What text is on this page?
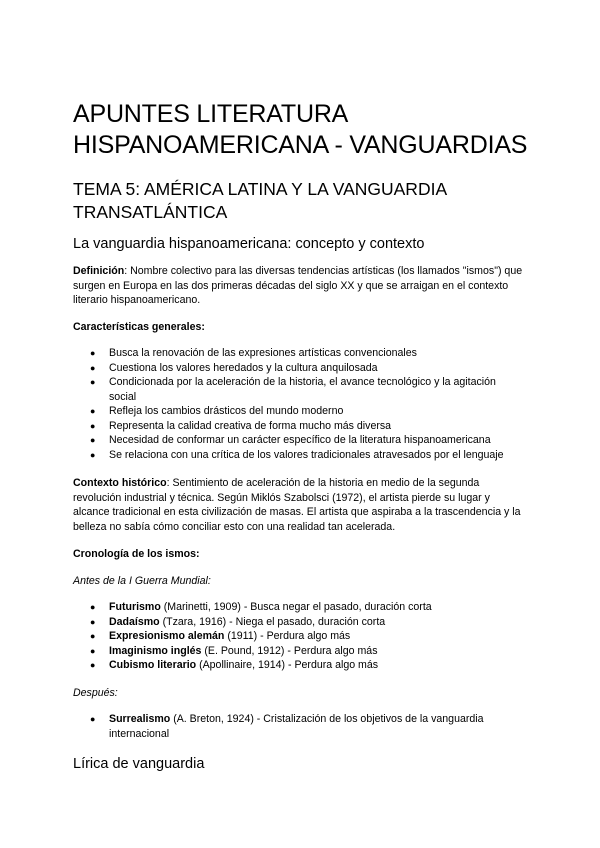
APUNTES LITERATURA
HISPANOAMERICANA - VANGUARDIAS
TEMA 5: AMÉRICA LATINA Y LA VANGUARDIA
TRANSATLÁNTICA
La vanguardia hispanoamericana: concepto y contexto
Definición: Nombre colectivo para las diversas tendencias artísticas (los llamados "ismos") que surgen en Europa en las dos primeras décadas del siglo XX y que se arraigan en el contexto literario hispanoamericano.
Características generales:
● Busca la renovación de las expresiones artísticas convencionales
● Cuestiona los valores heredados y la cultura anquilosada
● Condicionada por la aceleración de la historia, el avance tecnológico y la agitación social
● Refleja los cambios drásticos del mundo moderno
● Representa la calidad creativa de forma mucho más diversa
● Necesidad de conformar un carácter específico de la literatura hispanoamericana
● Se relaciona con una crítica de los valores tradicionales atravesados por el lenguaje
Contexto histórico: Sentimiento de aceleración de la historia en medio de la segunda revolución industrial y técnica. Según Miklós Szabolsci (1972), el artista pierde su lugar y alcance tradicional en esta civilización de masas. El artista que aspiraba a la trascendencia y la belleza no sabía cómo conciliar esto con una realidad tan acelerada.
Cronología de los ismos:
Antes de la I Guerra Mundial:
● Futurismo (Marinetti, 1909) - Busca negar el pasado, duración corta
● Dadaísmo (Tzara, 1916) - Niega el pasado, duración corta
● Expresionismo alemán (1911) - Perdura algo más
● Imaginismo inglés (E. Pound, 1912) - Perdura algo más
● Cubismo literario (Apollinaire, 1914) - Perdura algo más
Después:
● Surrealismo (A. Breton, 1924) - Cristalización de los objetivos de la vanguardia internacional
Lírica de vanguardia
